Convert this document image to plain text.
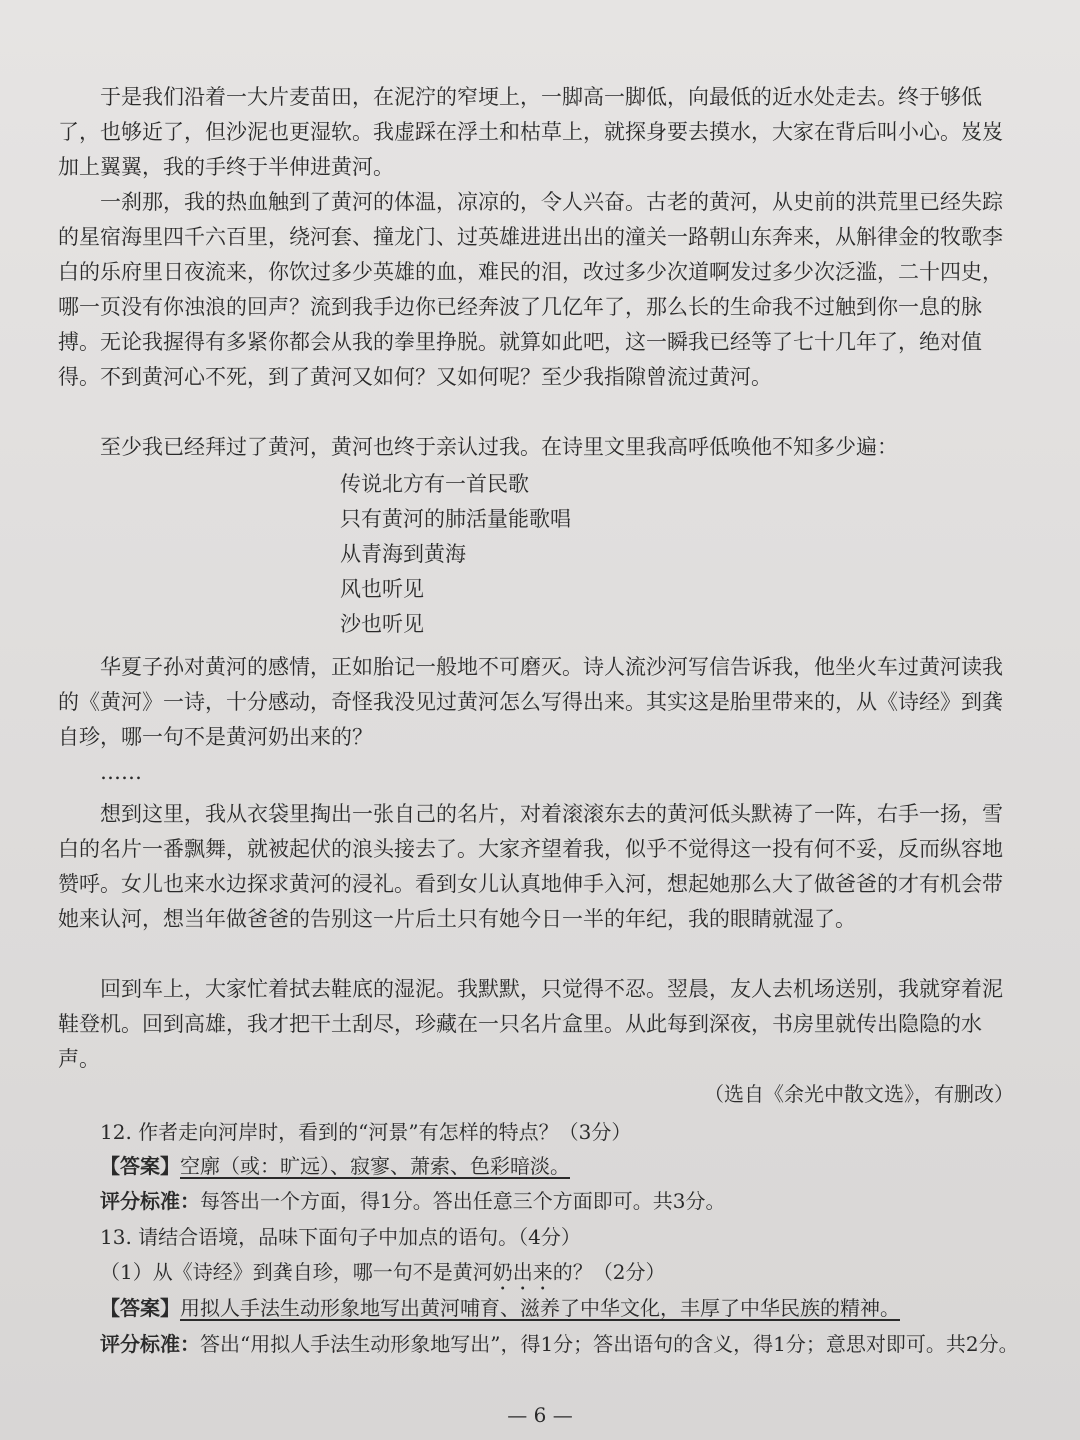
于是我们沿着一大片麦苗田，在泥泞的窄埂上，一脚高一脚低，向最低的近水处走去。终于够低了，也够近了，但沙泥也更湿软。我虚踩在浮土和枯草上，就探身要去摸水，大家在背后叫小心。岌岌加上翼翼，我的手终于半伸进黄河。

一刹那，我的热血触到了黄河的体温，凉凉的，令人兴奋。古老的黄河，从史前的洪荒里已经失踪的星宿海里四千六百里，绕河套、撞龙门、过英雄进进出出的潼关一路朝山东奔来，从斛律金的牧歌李白的乐府里日夜流来，你饮过多少英雄的血，难民的泪，改过多少次道啊发过多少次泛滥，二十四史，哪一页没有你浊浪的回声？流到我手边你已经奔波了几亿年了，那么长的生命我不过触到你一息的脉搏。无论我握得有多紧你都会从我的拳里挣脱。就算如此吧，这一瞬我已经等了七十几年了，绝对值得。不到黄河心不死，到了黄河又如何？又如何呢？至少我指隙曾流过黄河。

至少我已经拜过了黄河，黄河也终于亲认过我。在诗里文里我高呼低唤他不知多少遍：

传说北方有一首民歌
只有黄河的肺活量能歌唱
从青海到黄海
风也听见
沙也听见

华夏子孙对黄河的感情，正如胎记一般地不可磨灭。诗人流沙河写信告诉我，他坐火车过黄河读我的《黄河》一诗，十分感动，奇怪我没见过黄河怎么写得出来。其实这是胎里带来的，从《诗经》到龚自珍，哪一句不是黄河奶出来的？

……

想到这里，我从衣袋里掏出一张自己的名片，对着滚滚东去的黄河低头默祷了一阵，右手一扬，雪白的名片一番飘舞，就被起伏的浪头接去了。大家齐望着我，似乎不觉得这一投有何不妥，反而纵容地赞呼。女儿也来水边探求黄河的浸礼。看到女儿认真地伸手入河，想起她那么大了做爸爸的才有机会带她来认河，想当年做爸爸的告别这一片后土只有她今日一半的年纪，我的眼睛就湿了。

回到车上，大家忙着拭去鞋底的湿泥。我默默，只觉得不忍。翌晨，友人去机场送别，我就穿着泥鞋登机。回到高雄，我才把干土刮尽，珍藏在一只名片盒里。从此每到深夜，书房里就传出隐隐的水声。

（选自《余光中散文选》，有删改）
12. 作者走向河岸时，看到的“河景”有怎样的特点？（3分）
【答案】空廓（或：旷远）、寂寥、萧索、色彩暗淡。
评分标准：每答出一个方面，得1分。答出任意三个方面即可。共3分。
13. 请结合语境，品味下面句子中加点的语句。（4分）
（1）从《诗经》到龚自珍，哪一句不是黄河奶出来的？（2分）
【答案】用拟人手法生动形象地写出黄河哺育、滋养了中华文化，丰厚了中华民族的精神。
评分标准：答出“用拟人手法生动形象地写出”，得1分；答出语句的含义，得1分；意思对即可。共2分。
— 6 —
